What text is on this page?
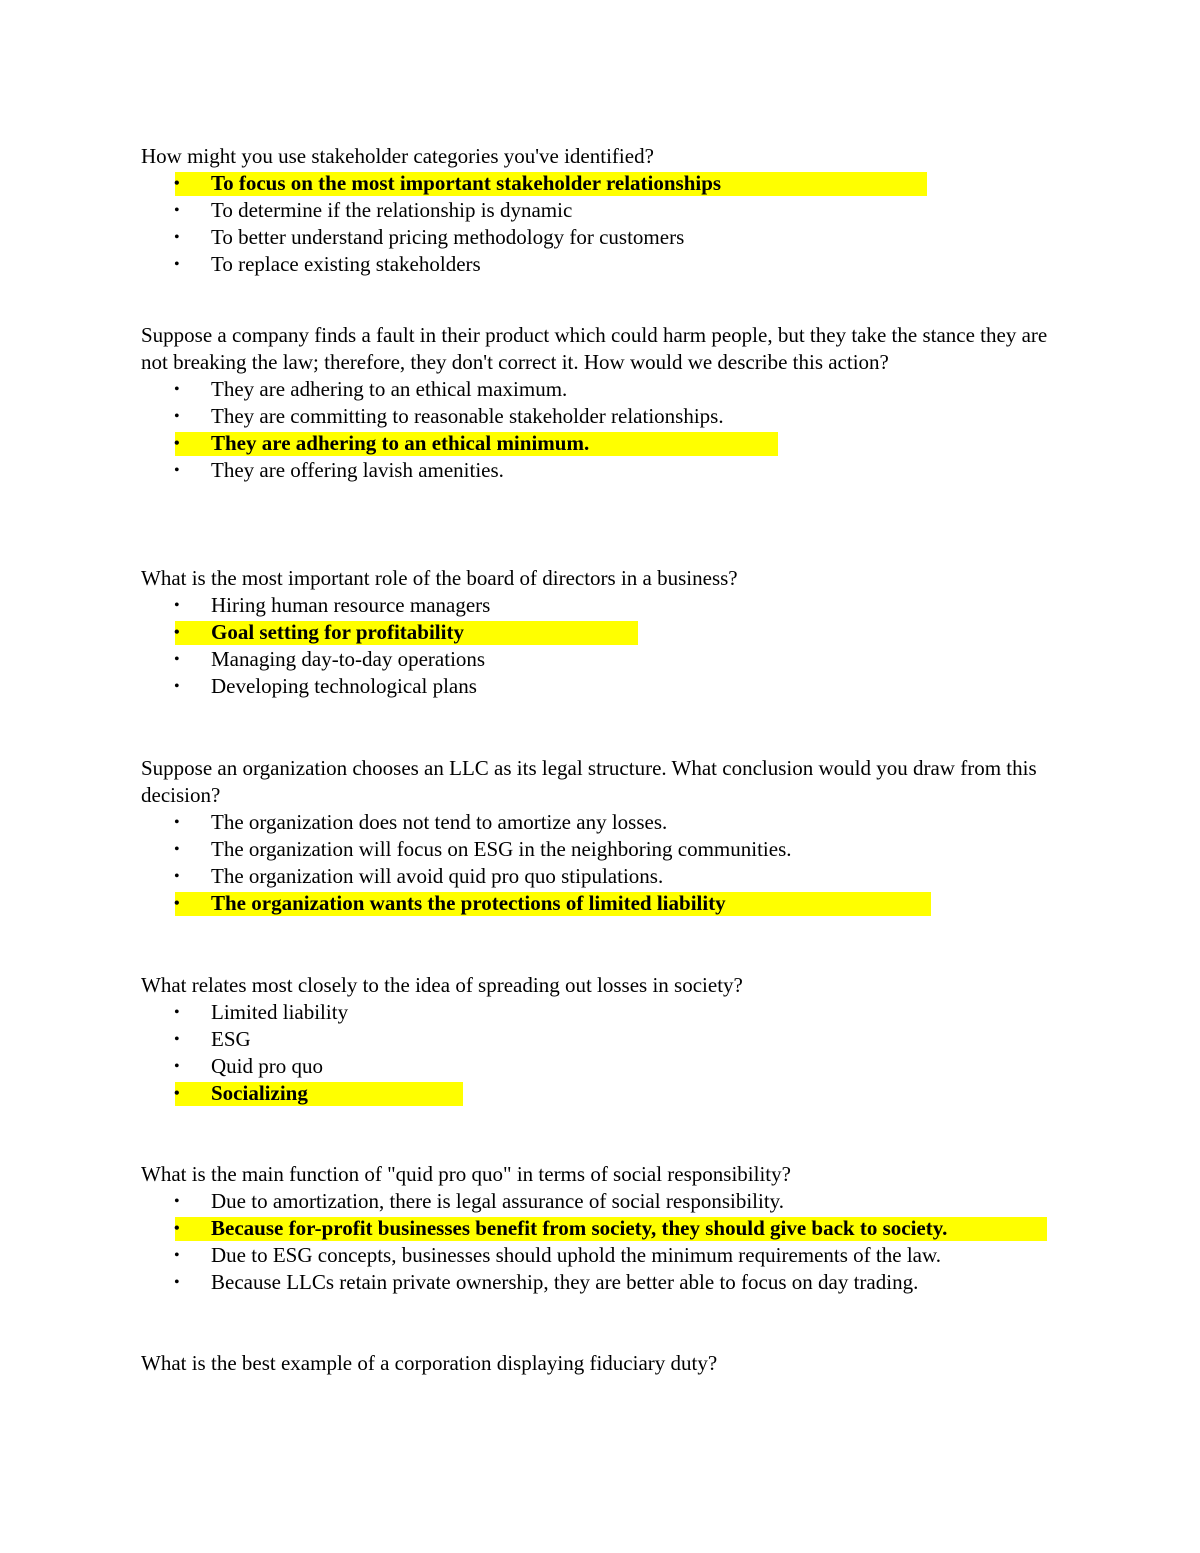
How might you use stakeholder categories you've identified?

•	To focus on the most important stakeholder relationships
•	To determine if the relationship is dynamic
•	To better understand pricing methodology for customers
•	To replace existing stakeholders

Suppose a company finds a fault in their product which could harm people, but they take the stance they are not breaking the law; therefore, they don't correct it. How would we describe this action?

•	They are adhering to an ethical maximum.
•	They are committing to reasonable stakeholder relationships.
•	They are adhering to an ethical minimum.
•	They are offering lavish amenities.

What is the most important role of the board of directors in a business?

•	Hiring human resource managers
•	Goal setting for profitability
•	Managing day-to-day operations
•	Developing technological plans

Suppose an organization chooses an LLC as its legal structure. What conclusion would you draw from this decision?

•	The organization does not tend to amortize any losses.
•	The organization will focus on ESG in the neighboring communities.
•	The organization will avoid quid pro quo stipulations.
•	The organization wants the protections of limited liability

What relates most closely to the idea of spreading out losses in society?

•	Limited liability
•	ESG
•	Quid pro quo
•	Socializing

What is the main function of "quid pro quo" in terms of social responsibility?

•	Due to amortization, there is legal assurance of social responsibility.
•	Because for-profit businesses benefit from society, they should give back to society.
•	Due to ESG concepts, businesses should uphold the minimum requirements of the law.
•	Because LLCs retain private ownership, they are better able to focus on day trading.

What is the best example of a corporation displaying fiduciary duty?
